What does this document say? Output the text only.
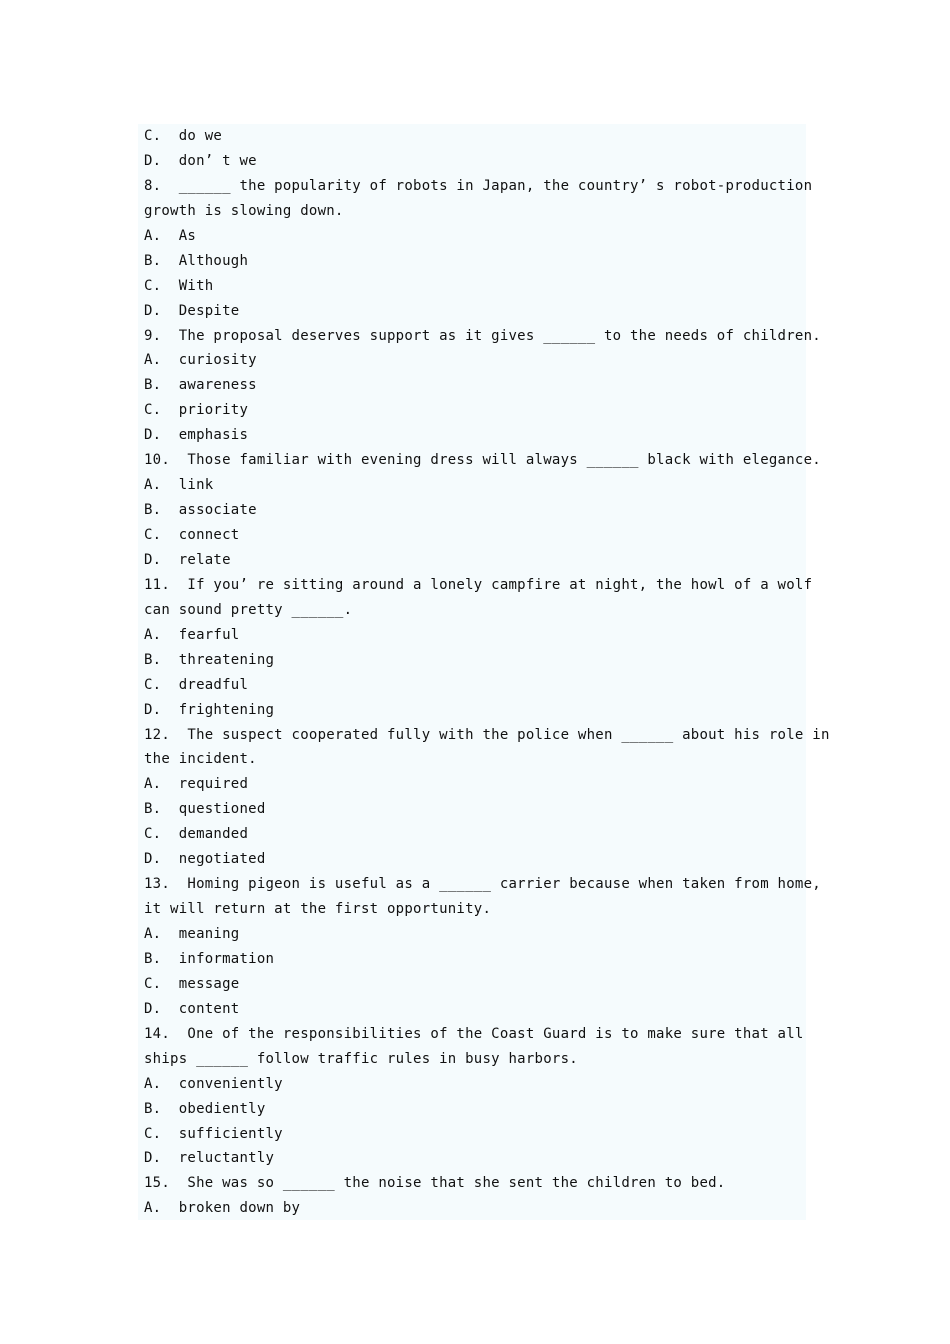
C.  do we
D.  don’ t we
8.  ______ the popularity of robots in Japan, the country’ s robot-production
growth is slowing down.
A.  As
B.  Although
C.  With
D.  Despite
9.  The proposal deserves support as it gives ______ to the needs of children.
A.  curiosity
B.  awareness
C.  priority
D.  emphasis
10.  Those familiar with evening dress will always ______ black with elegance.
A.  link
B.  associate
C.  connect
D.  relate
11.  If you’ re sitting around a lonely campfire at night, the howl of a wolf
can sound pretty ______.
A.  fearful
B.  threatening
C.  dreadful
D.  frightening
12.  The suspect cooperated fully with the police when ______ about his role in
the incident.
A.  required
B.  questioned
C.  demanded
D.  negotiated
13.  Homing pigeon is useful as a ______ carrier because when taken from home,
it will return at the first opportunity.
A.  meaning
B.  information
C.  message
D.  content
14.  One of the responsibilities of the Coast Guard is to make sure that all
ships ______ follow traffic rules in busy harbors.
A.  conveniently
B.  obediently
C.  sufficiently
D.  reluctantly
15.  She was so ______ the noise that she sent the children to bed.
A.  broken down by
